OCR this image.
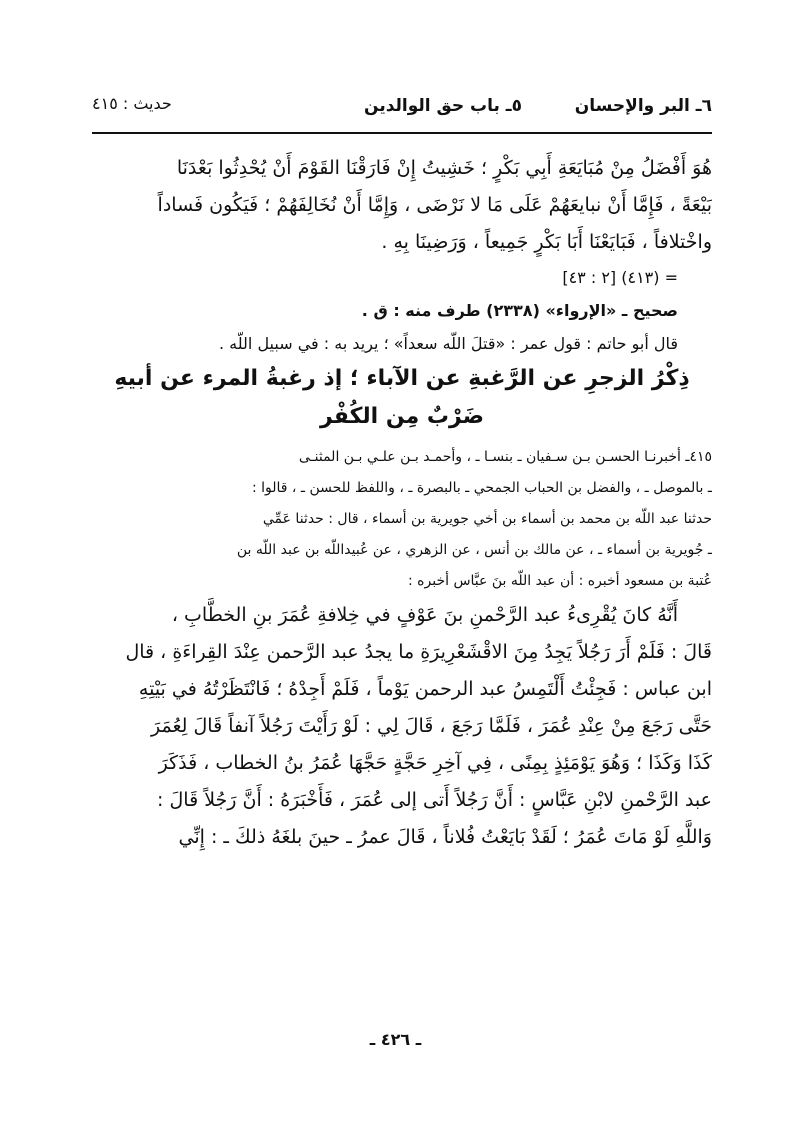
٦ـ البر والإحسان
٥ـ باب حق الوالدين
حديث : ٤١٥
هُوَ أَفْضَلُ مِنْ مُبَايَعَةِ أَبِي بَكْرٍ ؛ خَشِيتُ إِنْ فَارَقْنَا القَوْمَ أَنْ يُحْدِثُوا بَعْدَنَا
بَيْعَةً ، فَإِمَّا أَنْ نبايعَهُمْ عَلَى مَا لا نَرْضَى ، وَإِمَّا أَنْ نُخَالِفَهُمْ ؛ فَيَكُون فَساداً
واخْتلافاً ، فَبَايَعْنَا أَبَا بَكْرٍ جَمِيعاً ، وَرَضِينَا بِهِ .
= (٤١٣) [٢ : ٤٣]
صحيح ـ «الإرواء» (٢٣٣٨) طرف منه : ق .
قال أبو حاتم : قول عمر : «قتلَ اللّه سعداً» ؛ يريد به : في سبيل اللّه .
ذِكْرُ الزجرِ عن الرَّغبةِ عن الآباء ؛ إذ رغبةُ المرء عن أبيهِ
ضَرْبٌ مِن الكُفْر
٤١٥ـ أخبرنـا الحسـن بـن سـفيان ـ بنسـا ـ ، وأحمـد بـن علـي بـن المثنـى
ـ بالموصل ـ ، والفضل بن الحباب الجمحي ـ بالبصرة ـ ، واللفظ للحسن ـ ، قالوا :
حدثنا عبد اللّه بن محمد بن أسماء بن أخي جويرية بن أسماء ، قال : حدثنا عَمِّي
ـ جُويرية بن أسماء ـ ، عن مالك بن أنس ، عن الزهري ، عن عُبيداللّه بن عبد اللّه بن
عُتبة بن مسعود أخبره : أن عبد اللّه بنَ عبَّاس أخبره :
أَنَّهُ كانَ يُقْرِىءُ عبد الرَّحْمنِ بنَ عَوْفٍ في خِلافةِ عُمَرَ بنِ الخطَّابِ ،
قَالَ : فَلَمْ أَرَ رَجُلاً يَجِدُ مِنَ الاقْشَعْرِيرَةِ ما يجدُ عبد الرَّحمن عِنْدَ القِراءَةِ ، قال
ابن عباس : فَجِئْتُ أَلْتَمِسُ عبد الرحمن يَوْماً ، فَلَمْ أَجِدْهُ ؛ فَانْتَظَرْتُهُ في بَيْتِهِ
حَتَّى رَجَعَ مِنْ عِنْدِ عُمَرَ ، فَلَمَّا رَجَعَ ، قَالَ لِي : لَوْ رَأَيْتَ رَجُلاً آنفاً قَالَ لِعُمَرَ
كَذَا وَكَذَا ؛ وَهُوَ يَوْمَئِذٍ بِمِنًى ، فِي آخِرِ حَجَّةٍ حَجَّهَا عُمَرُ بنُ الخطاب ، فَذَكَرَ
عبد الرَّحْمنِ لابْنِ عَبَّاسٍ : أَنَّ رَجُلاً أَتى إلى عُمَرَ ، فَأَخْبَرَهُ : أَنَّ رَجُلاً قَالَ :
وَاللَّهِ لَوْ مَاتَ عُمَرُ ؛ لَقَدْ بَايَعْتُ فُلاناً ، قَالَ عمرُ ـ حينَ بلغَهُ ذلكَ ـ : إِنِّي
ـ ٤٢٦ ـ
